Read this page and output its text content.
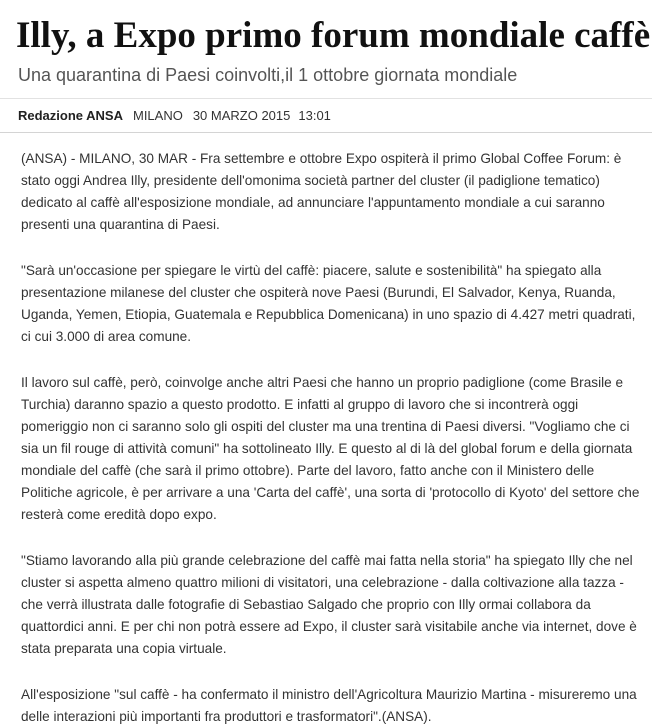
Illy, a Expo primo forum mondiale caffè
Una quarantina di Paesi coinvolti,il 1 ottobre giornata mondiale
Redazione ANSA MILANO 30 MARZO 2015 13:01

(ANSA) - MILANO, 30 MAR - Fra settembre e ottobre Expo ospiterà il primo Global Coffee Forum: è stato oggi Andrea Illy, presidente dell'omonima società partner del cluster (il padiglione tematico) dedicato al caffè all'esposizione mondiale, ad annunciare l'appuntamento mondiale a cui saranno presenti una quarantina di Paesi.

"Sarà un'occasione per spiegare le virtù del caffè: piacere, salute e sostenibilità" ha spiegato alla presentazione milanese del cluster che ospiterà nove Paesi (Burundi, El Salvador, Kenya, Ruanda, Uganda, Yemen, Etiopia, Guatemala e Repubblica Domenicana) in uno spazio di 4.427 metri quadrati, ci cui 3.000 di area comune.

Il lavoro sul caffè, però, coinvolge anche altri Paesi che hanno un proprio padiglione (come Brasile e Turchia) daranno spazio a questo prodotto. E infatti al gruppo di lavoro che si incontrerà oggi pomeriggio non ci saranno solo gli ospiti del cluster ma una trentina di Paesi diversi. "Vogliamo che ci sia un fil rouge di attività comuni" ha sottolineato Illy. E questo al di là del global forum e della giornata mondiale del caffè (che sarà il primo ottobre). Parte del lavoro, fatto anche con il Ministero delle Politiche agricole, è per arrivare a una 'Carta del caffè', una sorta di 'protocollo di Kyoto' del settore che resterà come eredità dopo expo.

"Stiamo lavorando alla più grande celebrazione del caffè mai fatta nella storia" ha spiegato Illy che nel cluster si aspetta almeno quattro milioni di visitatori, una celebrazione - dalla coltivazione alla tazza - che verrà illustrata dalle fotografie di Sebastiao Salgado che proprio con Illy ormai collabora da quattordici anni. E per chi non potrà essere ad Expo, il cluster sarà visitabile anche via internet, dove è stata preparata una copia virtuale.

All'esposizione "sul caffè - ha confermato il ministro dell'Agricoltura Maurizio Martina - misureremo una delle interazioni più importanti fra produttori e trasformatori".(ANSA).
